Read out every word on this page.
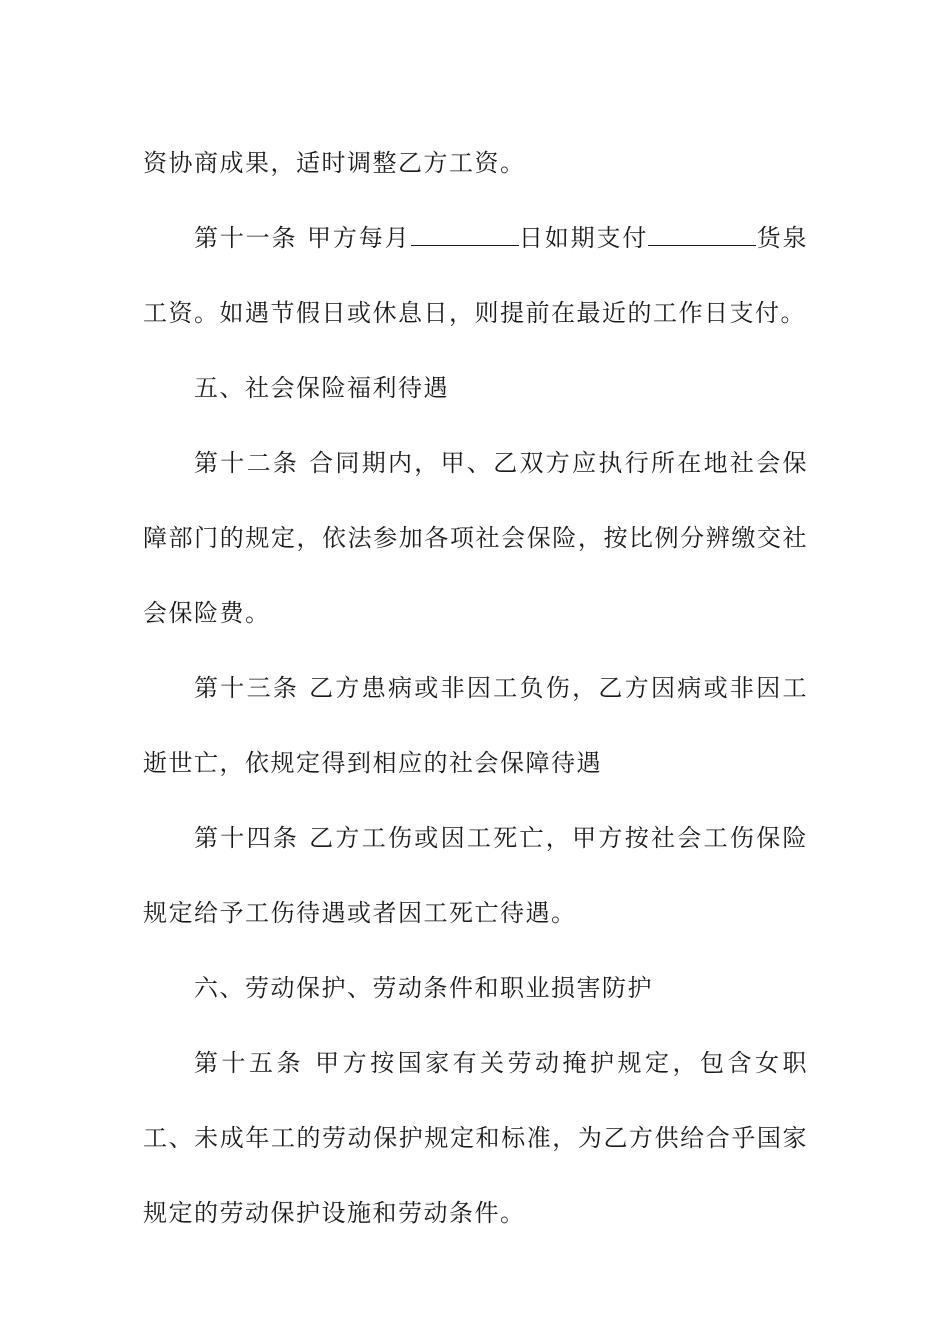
资协商成果，适时调整乙方工资。

第十一条 甲方每月	日如期支付	货泉工资。如遇节假日或休息日，则提前在最近的工作日支付。

五、社会保险福利待遇

第十二条 合同期内，甲、乙双方应执行所在地社会保障部门的规定，依法参加各项社会保险，按比例分辨缴交社会保险费。

第十三条 乙方患病或非因工负伤，乙方因病或非因工逝世亡，依规定得到相应的社会保障待遇

第十四条 乙方工伤或因工死亡，甲方按社会工伤保险规定给予工伤待遇或者因工死亡待遇。

六、劳动保护、劳动条件和职业损害防护

第十五条 甲方按国家有关劳动掩护规定，包含女职工、未成年工的劳动保护规定和标准，为乙方供给合乎国家规定的劳动保护设施和劳动条件。
